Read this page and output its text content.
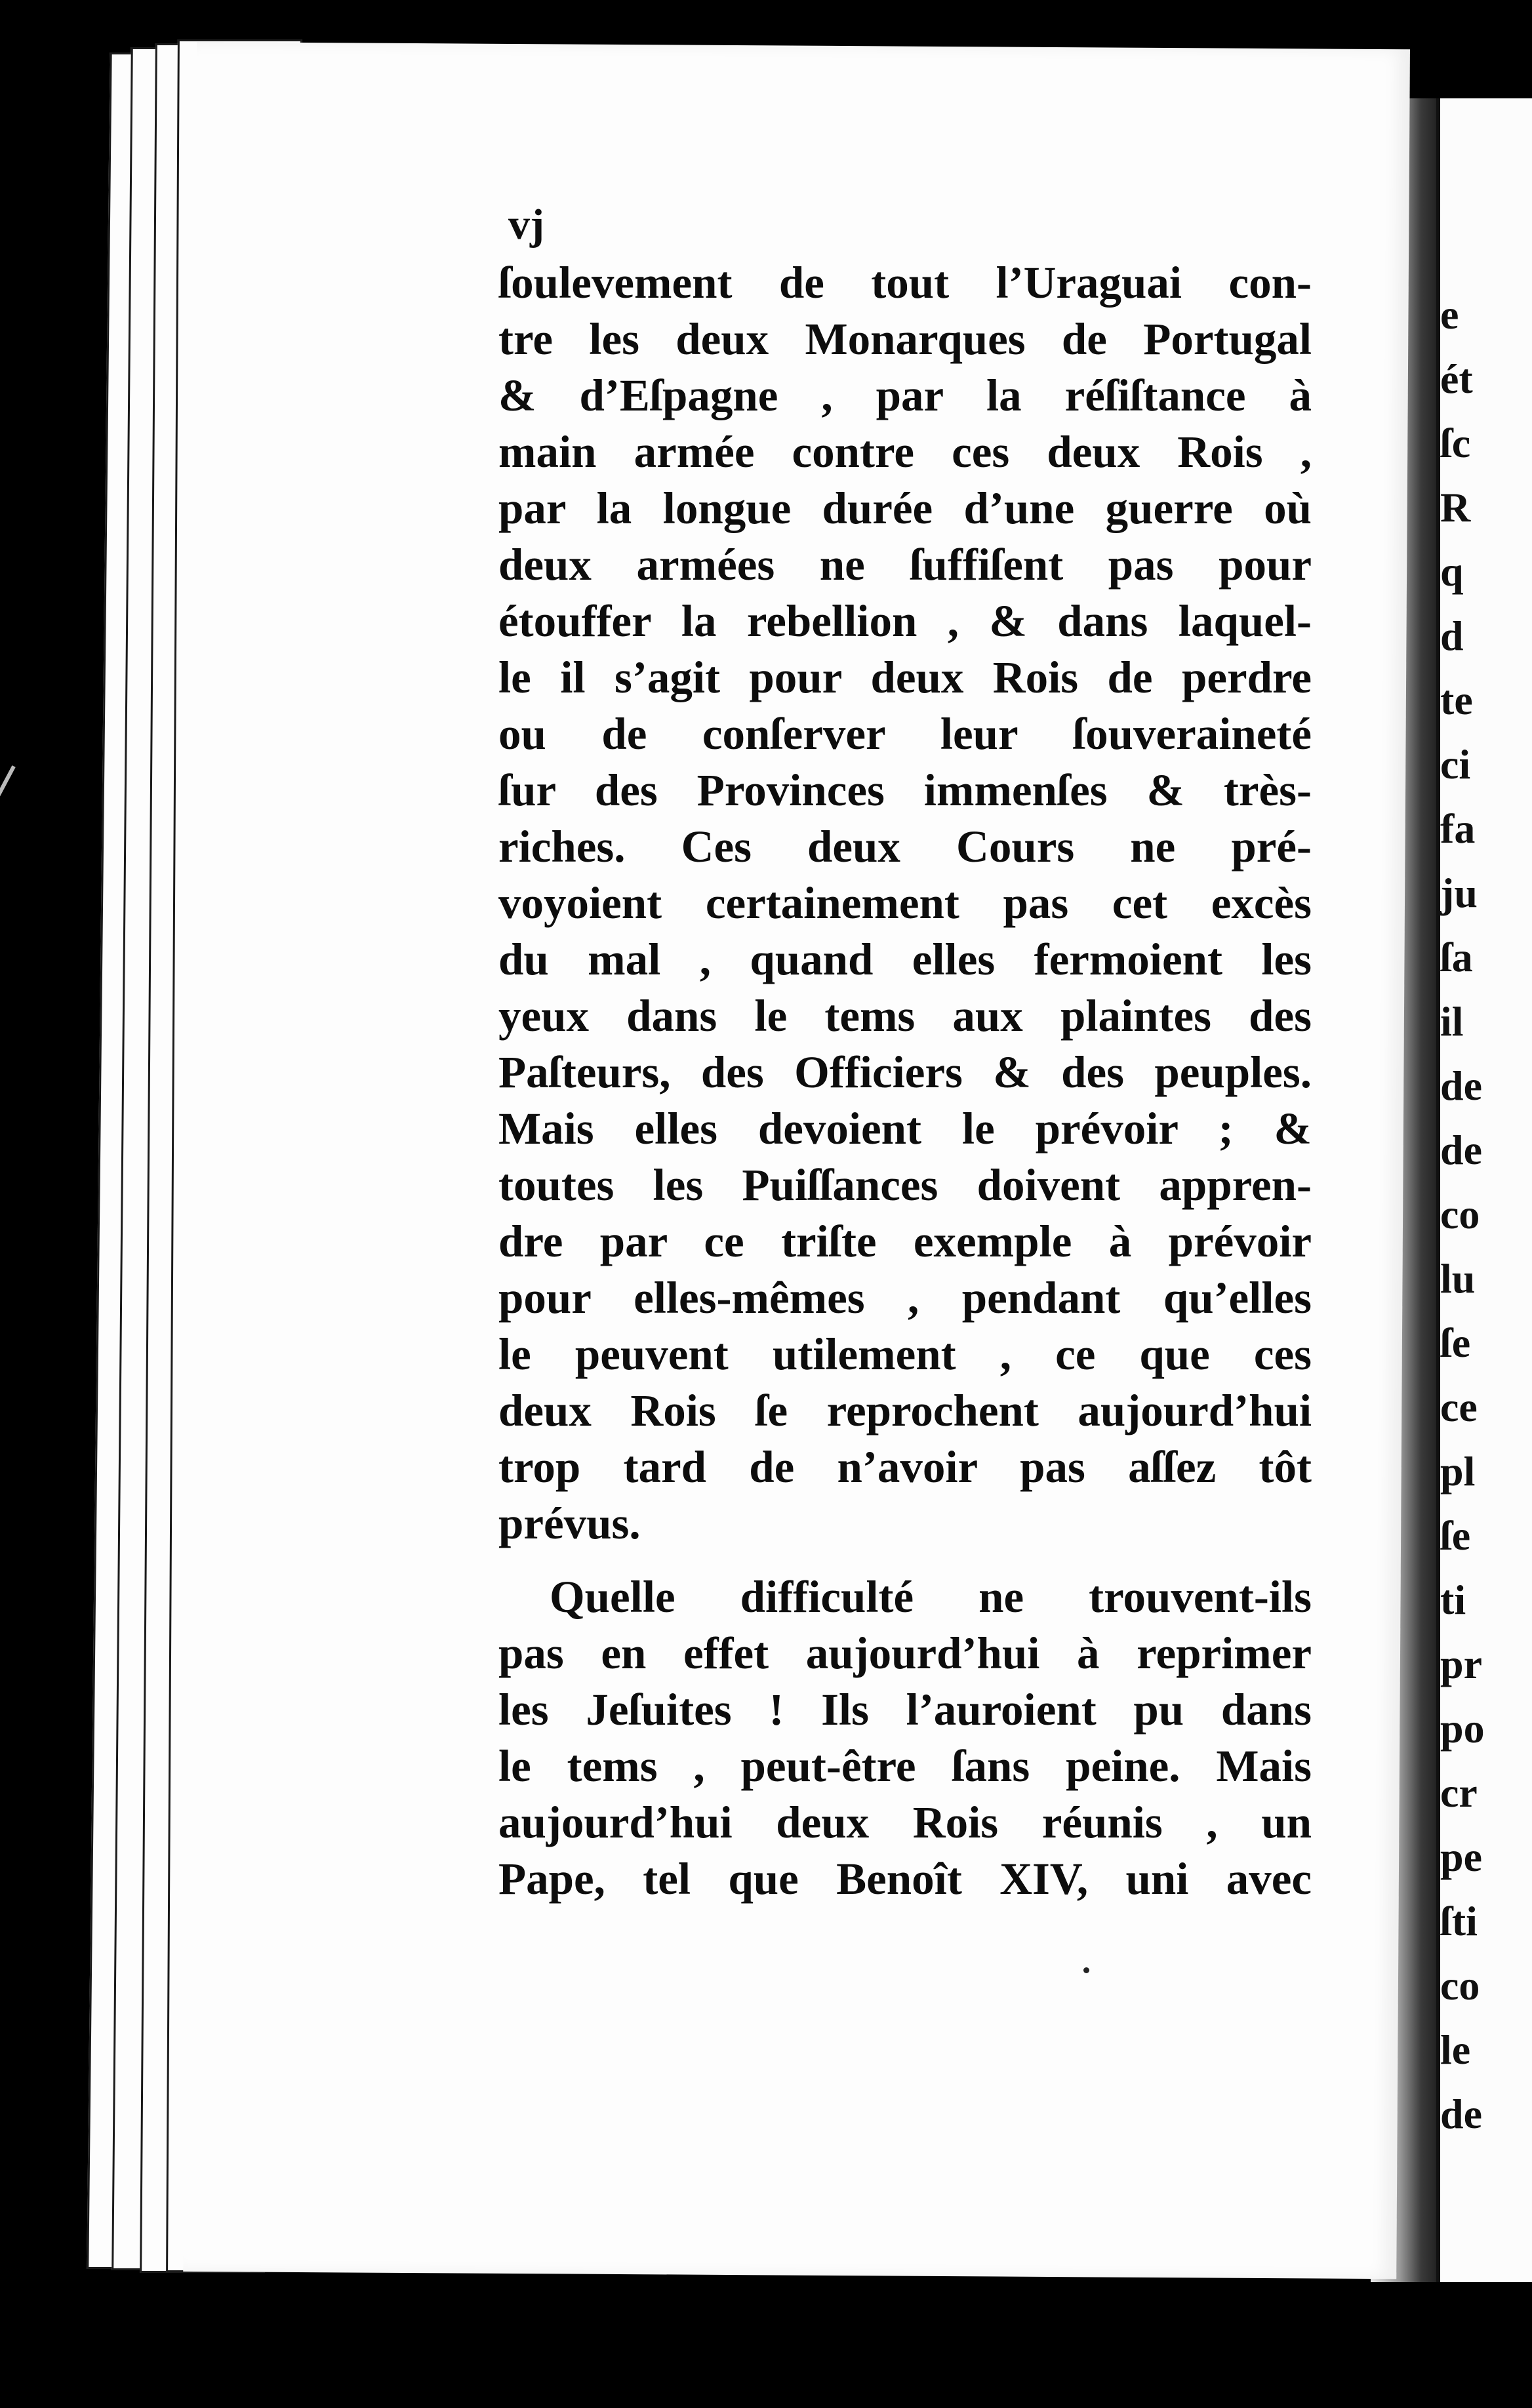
e
ét
ſc
R
q
d
te
ci
fa
ju
ſa
il
de
de
co
lu
ſe
ce
pl
ſe
ti
pr
po
cr
pe
ſti
co
le
de
vj
ſoulevement de tout l’Uraguai con-
tre les deux Monarques de Portugal
& d’Eſpagne , par la réſiſtance à
main armée contre ces deux Rois ,
par la longue durée d’une guerre où
deux armées ne ſuffiſent pas pour
étouffer la rebellion , & dans laquel-
le il s’agit pour deux Rois de perdre
ou de conſerver leur ſouveraineté
ſur des Provinces immenſes & très-
riches. Ces deux Cours ne pré-
voyoient certainement pas cet excès
du mal , quand elles fermoient les
yeux dans le tems aux plaintes des
Paſteurs, des Officiers & des peuples.
Mais elles devoient le prévoir ; &
toutes les Puiſſances doivent appren-
dre par ce triſte exemple à prévoir
pour elles-mêmes , pendant qu’elles
le peuvent utilement , ce que ces
deux Rois ſe reprochent aujourd’hui
trop tard de n’avoir pas aſſez tôt
prévus.
Quelle difficulté ne trouvent-ils
pas en effet aujourd’hui à reprimer
les Jeſuites ! Ils l’auroient pu dans
le tems , peut-être ſans peine. Mais
aujourd’hui deux Rois réunis , un
Pape, tel que Benoît XIV, uni avec
